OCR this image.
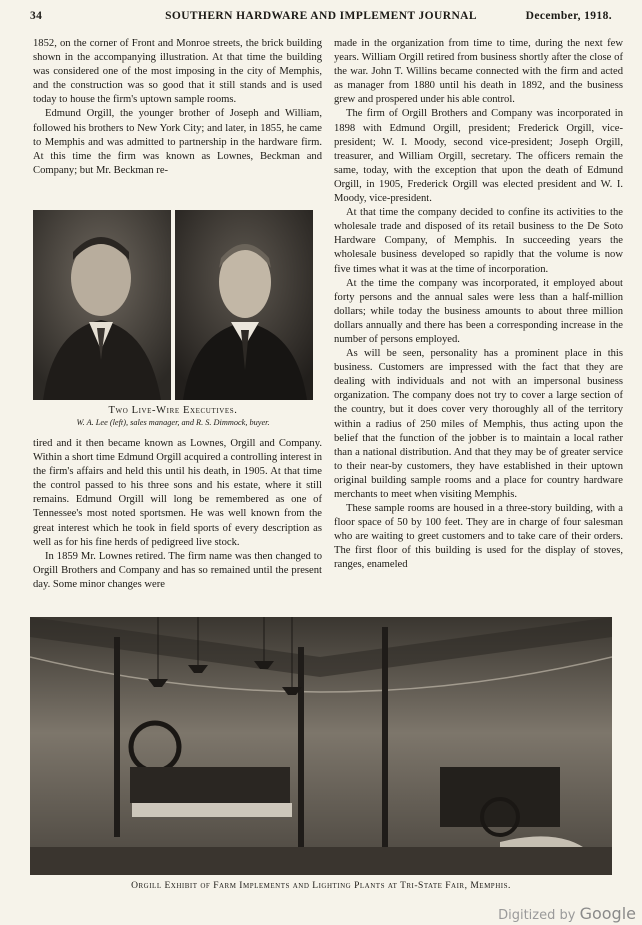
34	SOUTHERN HARDWARE AND IMPLEMENT JOURNAL	December, 1918.

1852, on the corner of Front and Monroe streets, the brick building shown in the accompanying illustration. At that time the building was considered one of the most imposing in the city of Memphis, and the construction was so good that it still stands and is used today to house the firm's uptown sample rooms.

Edmund Orgill, the younger brother of Joseph and William, followed his brothers to New York City; and later, in 1855, he came to Memphis and was admitted to partnership in the hardware firm. At this time the firm was known as Lownes, Beckman and Company; but Mr. Beckman re-

Two Live-Wire Executives.
W. A. Lee (left), sales manager, and R. S. Dimmock, buyer.

tired and it then became known as Lownes, Orgill and Company. Within a short time Edmund Orgill acquired a controlling interest in the firm's affairs and held this until his death, in 1905. At that time the control passed to his three sons and his estate, where it still remains. Edmund Orgill will long be remembered as one of Tennessee's most noted sportsmen. He was well known from the great interest which he took in field sports of every description as well as for his fine herds of pedigreed live stock.

In 1859 Mr. Lownes retired. The firm name was then changed to Orgill Brothers and Company and has so remained until the present day. Some minor changes were

made in the organization from time to time, during the next few years. William Orgill retired from business shortly after the close of the war. John T. Willins became connected with the firm and acted as manager from 1880 until his death in 1892, and the business grew and prospered under his able control.

The firm of Orgill Brothers and Company was incorporated in 1898 with Edmund Orgill, president; Frederick Orgill, vice-president; W. I. Moody, second vice-president; Joseph Orgill, treasurer, and William Orgill, secretary. The officers remain the same, today, with the exception that upon the death of Edmund Orgill, in 1905, Frederick Orgill was elected president and W. I. Moody, vice-president.

At that time the company decided to confine its activities to the wholesale trade and disposed of its retail business to the De Soto Hardware Company, of Memphis. In succeeding years the wholesale business developed so rapidly that the volume is now five times what it was at the time of incorporation.

At the time the company was incorporated, it employed about forty persons and the annual sales were less than a half-million dollars; while today the business amounts to about three million dollars annually and there has been a corresponding increase in the number of persons employed.

As will be seen, personality has a prominent place in this business. Customers are impressed with the fact that they are dealing with individuals and not with an impersonal business organization. The company does not try to cover a large section of the country, but it does cover very thoroughly all of the territory within a radius of 250 miles of Memphis, thus acting upon the belief that the function of the jobber is to maintain a local rather than a national distribution. And that they may be of greater service to their near-by customers, they have established in their uptown original building sample rooms and a place for country hardware merchants to meet when visiting Memphis.

These sample rooms are housed in a three-story building, with a floor space of 50 by 100 feet. They are in charge of four salesman who are waiting to greet customers and to take care of their orders. The first floor of this building is used for the display of stoves, ranges, enameled

Orgill Exhibit of Farm Implements and Lighting Plants at Tri-State Fair, Memphis.
Digitized by Google
